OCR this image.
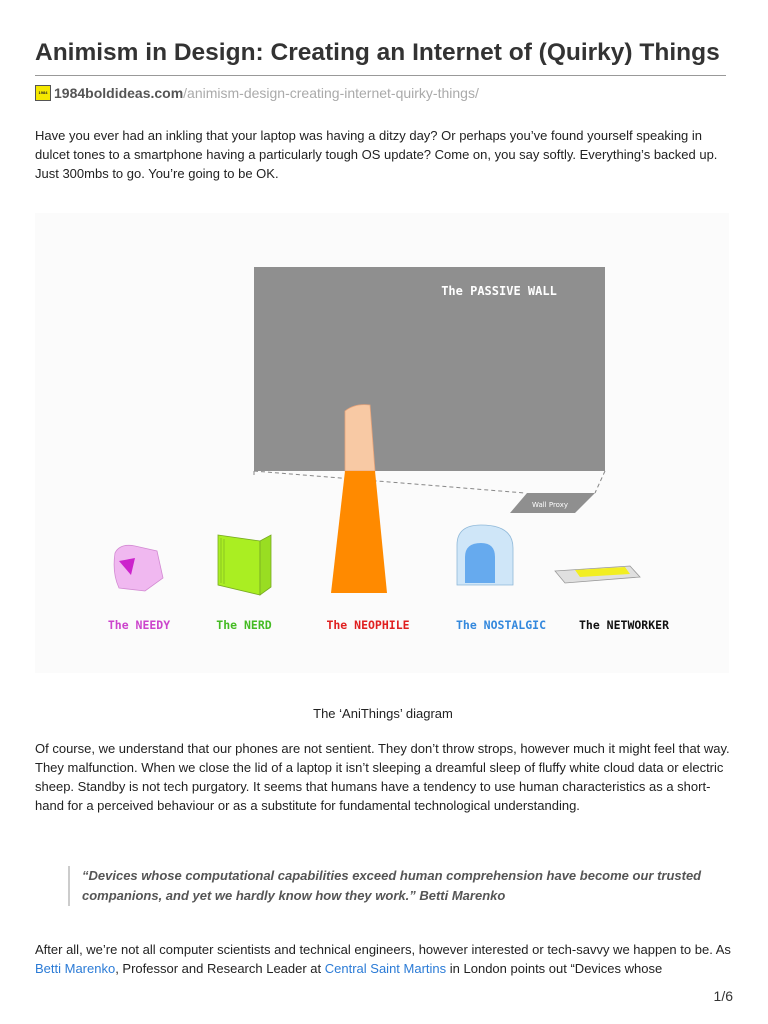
Animism in Design: Creating an Internet of (Quirky) Things
1984 1984boldideas.com/animism-design-creating-internet-quirky-things/
Have you ever had an inkling that your laptop was having a ditzy day? Or perhaps you’ve found yourself speaking in dulcet tones to a smartphone having a particularly tough OS update? Come on, you say softly. Everything’s backed up. Just 300mbs to go. You’re going to be OK.
The PASSIVE WALL
Wall Proxy
The NEEDY	The NERD	The NEOPHILE	The NOSTALGIC	The NETWORKER
The ‘AniThings’ diagram
Of course, we understand that our phones are not sentient. They don’t throw strops, however much it might feel that way. They malfunction. When we close the lid of a laptop it isn’t sleeping a dreamful sleep of fluffy white cloud data or electric sheep. Standby is not tech purgatory. It seems that humans have a tendency to use human characteristics as a short-hand for a perceived behaviour or as a substitute for fundamental technological understanding.
“Devices whose computational capabilities exceed human comprehension have become our trusted companions, and yet we hardly know how they work.” Betti Marenko
After all, we’re not all computer scientists and technical engineers, however interested or tech-savvy we happen to be. As Betti Marenko, Professor and Research Leader at Central Saint Martins in London points out “Devices whose
1/6
